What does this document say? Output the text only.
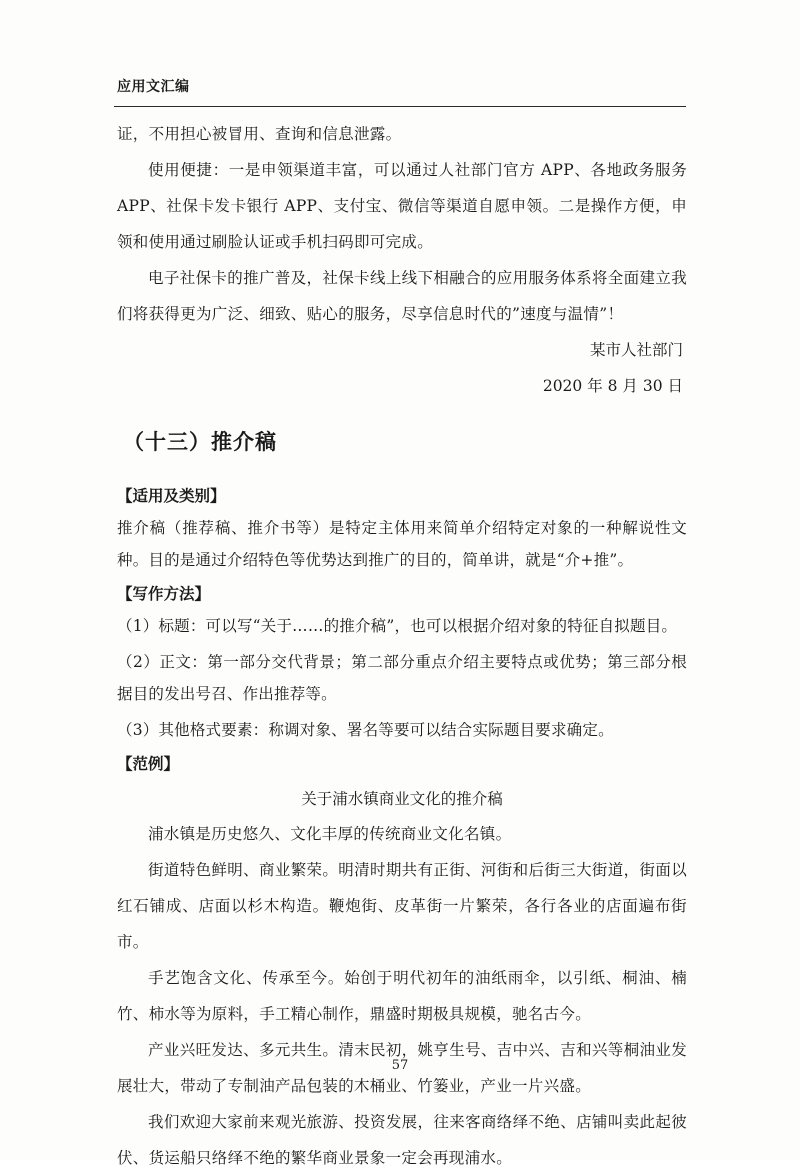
应用文汇编

证，不用担心被冒用、查询和信息泄露。

使用便捷：一是申领渠道丰富，可以通过人社部门官方 APP、各地政务服务 APP、社保卡发卡银行 APP、支付宝、微信等渠道自愿申领。二是操作方便，申领和使用通过刷脸认证或手机扫码即可完成。

电子社保卡的推广普及，社保卡线上线下相融合的应用服务体系将全面建立我们将获得更为广泛、细致、贴心的服务，尽享信息时代的”速度与温情”！

某市人社部门

2020 年 8 月 30 日

（十三）推介稿

【适用及类别】

推介稿（推荐稿、推介书等）是特定主体用来简单介绍特定对象的一种解说性文种。目的是通过介绍特色等优势达到推广的目的，简单讲，就是“介+推”。

【写作方法】

（1）标题：可以写“关于……的推介稿”，也可以根据介绍对象的特征自拟题目。

（2）正文：第一部分交代背景；第二部分重点介绍主要特点或优势；第三部分根据目的发出号召、作出推荐等。

（3）其他格式要素：称调对象、署名等要可以结合实际题目要求确定。

【范例】

关于浦水镇商业文化的推介稿

浦水镇是历史悠久、文化丰厚的传统商业文化名镇。

街道特色鲜明、商业繁荣。明清时期共有正街、河街和后街三大街道，街面以红石铺成、店面以杉木构造。鞭炮街、皮革街一片繁荣，各行各业的店面遍布街市。

手艺饱含文化、传承至今。始创于明代初年的油纸雨伞，以引纸、桐油、楠竹、柿水等为原料，手工精心制作，鼎盛时期极具规模，驰名古今。

产业兴旺发达、多元共生。清末民初，姚亨生号、吉中兴、吉和兴等桐油业发展壮大，带动了专制油产品包装的木桶业、竹篓业，产业一片兴盛。

我们欢迎大家前来观光旅游、投资发展，往来客商络绎不绝、店铺叫卖此起彼伏、货运船只络绎不绝的繁华商业景象一定会再现浦水。

57
